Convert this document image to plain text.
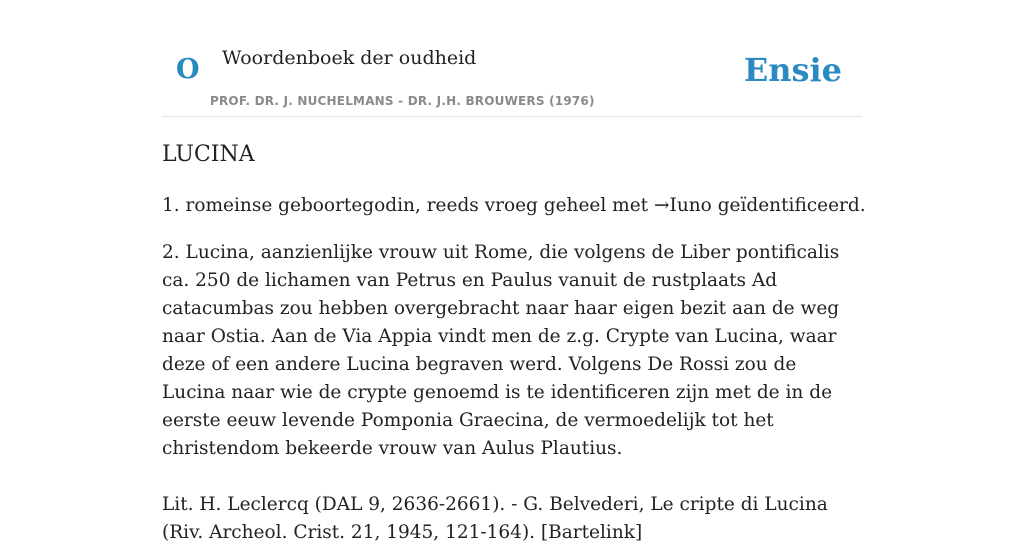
O Woordenboek der oudheid
PROF. DR. J. NUCHELMANS - DR. J.H. BROUWERS (1976)
Ensie
LUCINA

1. romeinse geboortegodin, reeds vroeg geheel met →Iuno geïdentificeerd.

2. Lucina, aanzienlijke vrouw uit Rome, die volgens de Liber pontificalis ca. 250 de lichamen van Petrus en Paulus vanuit de rustplaats Ad catacumbas zou hebben overgebracht naar haar eigen bezit aan de weg naar Ostia. Aan de Via Appia vindt men de z.g. Crypte van Lucina, waar deze of een andere Lucina begraven werd. Volgens De Rossi zou de Lucina naar wie de crypte genoemd is te identificeren zijn met de in de eerste eeuw levende Pomponia Graecina, de vermoedelijk tot het christendom bekeerde vrouw van Aulus Plautius.

Lit. H. Leclercq (DAL 9, 2636-2661). - G. Belvederi, Le cripte di Lucina (Riv. Archeol. Crist. 21, 1945, 121-164). [Bartelink]
